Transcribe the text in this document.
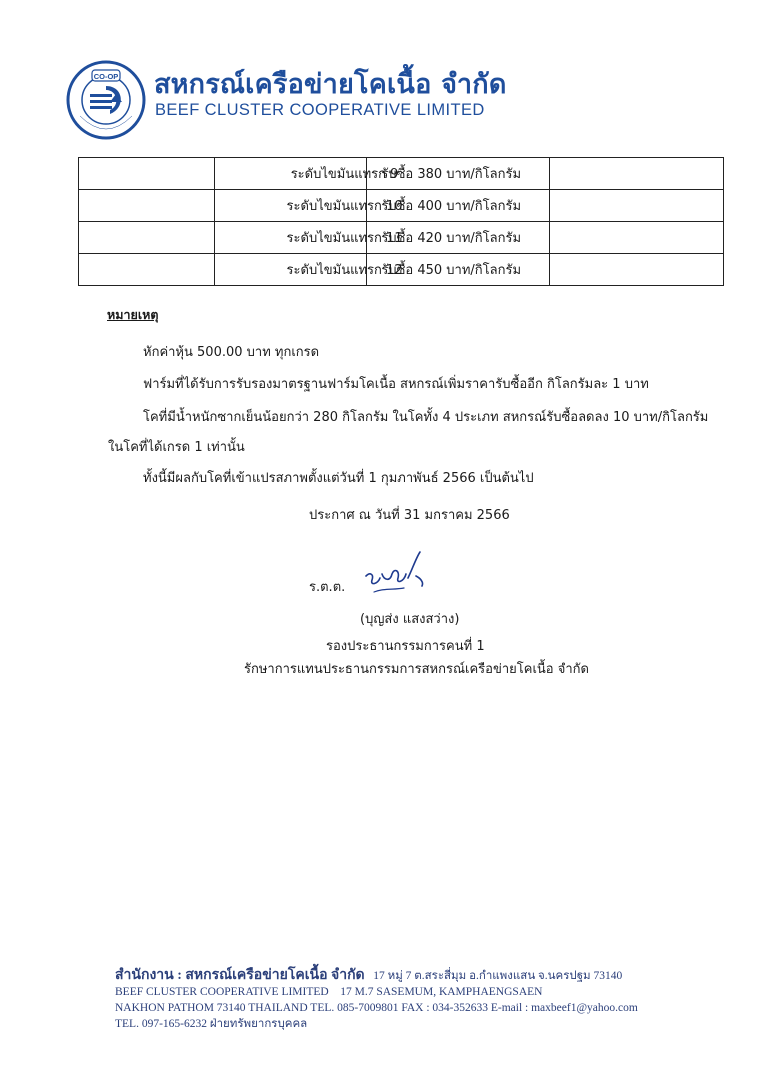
CO-OP สหกรณ์เครือข่ายโคเนื้อ จำกัด
BEEF CLUSTER COOPERATIVE LIMITED
	ระดับไขมันแทรก 9	รับซื้อ 380 บาท/กิโลกรัม	
	ระดับไขมันแทรก 10	รับซื้อ 400 บาท/กิโลกรัม	
	ระดับไขมันแทรก 11	รับซื้อ 420 บาท/กิโลกรัม	
	ระดับไขมันแทรก 12	รับซื้อ 450 บาท/กิโลกรัม	
หมายเหตุ
หักค่าหุ้น 500.00 บาท ทุกเกรด
ฟาร์มที่ได้รับการรับรองมาตรฐานฟาร์มโคเนื้อ สหกรณ์เพิ่มราคารับซื้ออีก กิโลกรัมละ 1 บาท
โคที่มีน้ำหนักซากเย็นน้อยกว่า 280 กิโลกรัม ในโคทั้ง 4 ประเภท สหกรณ์รับซื้อลดลง 10 บาท/กิโลกรัม
ในโคที่ได้เกรด 1 เท่านั้น
ทั้งนี้มีผลกับโคที่เข้าแปรสภาพตั้งแต่วันที่ 1 กุมภาพันธ์ 2566 เป็นต้นไป
ประกาศ ณ วันที่ 31 มกราคม 2566
ร.ต.ต.
(บุญส่ง แสงสว่าง)
รองประธานกรรมการคนที่ 1
รักษาการแทนประธานกรรมการสหกรณ์เครือข่ายโคเนื้อ จำกัด
สำนักงาน : สหกรณ์เครือข่ายโคเนื้อ จำกัด 17 หมู่ 7 ต.สระสี่มุม อ.กำแพงแสน จ.นครปฐม 73140
BEEF CLUSTER COOPERATIVE LIMITED 17 M.7 SASEMUM, KAMPHAENGSAEN
NAKHON PATHOM 73140 THAILAND TEL. 085-7009801 FAX : 034-352633 E-mail : maxbeef1@yahoo.com
TEL. 097-165-6232 ฝ่ายทรัพยากรบุคคล
